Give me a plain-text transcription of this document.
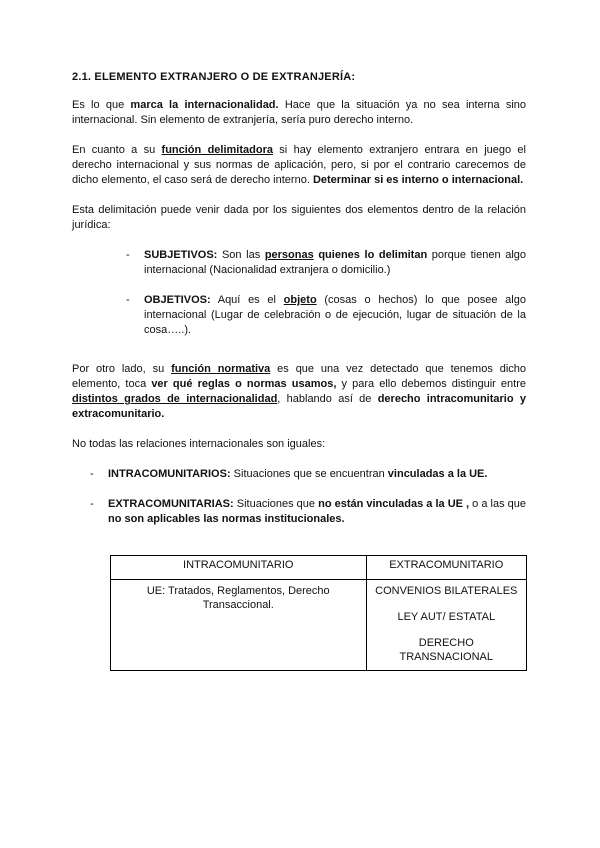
2.1. ELEMENTO EXTRANJERO O DE EXTRANJERÍA:

Es lo que marca la internacionalidad. Hace que la situación ya no sea interna sino internacional. Sin elemento de extranjería, sería puro derecho interno.

En cuanto a su función delimitadora si hay elemento extranjero entrara en juego el derecho internacional y sus normas de aplicación, pero, si por el contrario carecemos de dicho elemento, el caso será de derecho interno. Determinar si es interno o internacional.

Esta delimitación puede venir dada por los siguientes dos elementos dentro de la relación jurídica:

- SUBJETIVOS: Son las personas quienes lo delimitan porque tienen algo internacional (Nacionalidad extranjera o domicilio.)
- OBJETIVOS: Aquí es el objeto (cosas o hechos) lo que posee algo internacional (Lugar de celebración o de ejecución, lugar de situación de la cosa…..).

Por otro lado, su función normativa es que una vez detectado que tenemos dicho elemento, toca ver qué reglas o normas usamos, y para ello debemos distinguir entre distintos grados de internacionalidad, hablando así de derecho intracomunitario y extracomunitario.

No todas las relaciones internacionales son iguales:

- INTRACOMUNITARIOS: Situaciones que se encuentran vinculadas a la UE.
- EXTRACOMUNITARIAS: Situaciones que no están vinculadas a la UE , o a las que no son aplicables las normas institucionales.
INTRACOMUNITARIO	EXTRACOMUNITARIO
UE: Tratados, Reglamentos, Derecho Transaccional.	CONVENIOS BILATERALES
LEY AUT/ ESTATAL
DERECHO TRANSNACIONAL
